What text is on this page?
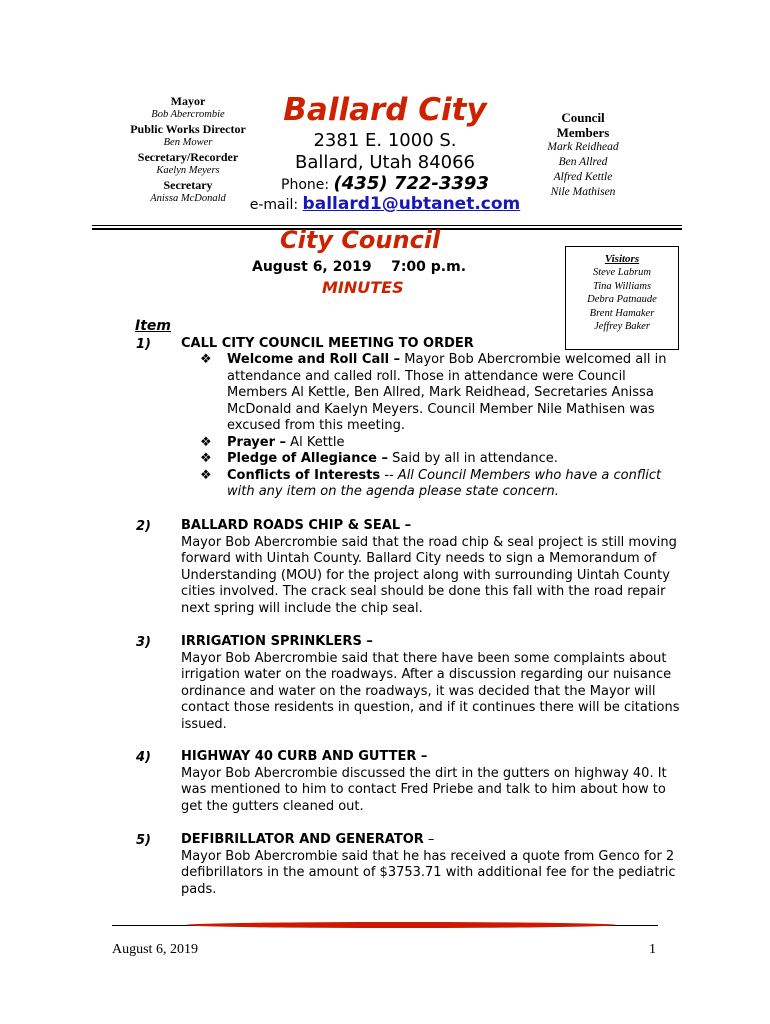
Mayor
Bob Abercrombie
Public Works Director
Ben Mower
Secretary/Recorder
Kaelyn Meyers
Secretary
Anissa McDonald
Ballard City
2381 E. 1000 S.
Ballard, Utah 84066
Phone: (435) 722-3393
e-mail: ballard1@ubtanet.com
Council
Members
Mark Reidhead
Ben Allred
Alfred Kettle
Nile Mathisen
City Council
August 6, 2019    7:00 p.m.
MINUTES
Visitors
Steve Labrum
Tina Williams
Debra Patnaude
Brent Hamaker
Jeffrey Baker
Item
1) CALL CITY COUNCIL MEETING TO ORDER
❖ Welcome and Roll Call – Mayor Bob Abercrombie welcomed all in attendance and called roll. Those in attendance were Council Members Al Kettle, Ben Allred, Mark Reidhead, Secretaries Anissa McDonald and Kaelyn Meyers. Council Member Nile Mathisen was excused from this meeting.
❖ Prayer – Al Kettle
❖ Pledge of Allegiance – Said by all in attendance.
❖ Conflicts of Interests -- All Council Members who have a conflict with any item on the agenda please state concern.
2) BALLARD ROADS CHIP & SEAL –
Mayor Bob Abercrombie said that the road chip & seal project is still moving forward with Uintah County. Ballard City needs to sign a Memorandum of Understanding (MOU) for the project along with surrounding Uintah County cities involved. The crack seal should be done this fall with the road repair next spring will include the chip seal.
3) IRRIGATION SPRINKLERS –
Mayor Bob Abercrombie said that there have been some complaints about irrigation water on the roadways. After a discussion regarding our nuisance ordinance and water on the roadways, it was decided that the Mayor will contact those residents in question, and if it continues there will be citations issued.
4) HIGHWAY 40 CURB AND GUTTER –
Mayor Bob Abercrombie discussed the dirt in the gutters on highway 40. It was mentioned to him to contact Fred Priebe and talk to him about how to get the gutters cleaned out.
5) DEFIBRILLATOR AND GENERATOR –
Mayor Bob Abercrombie said that he has received a quote from Genco for 2 defibrillators in the amount of $3753.71 with additional fee for the pediatric pads.
August 6, 2019	1
